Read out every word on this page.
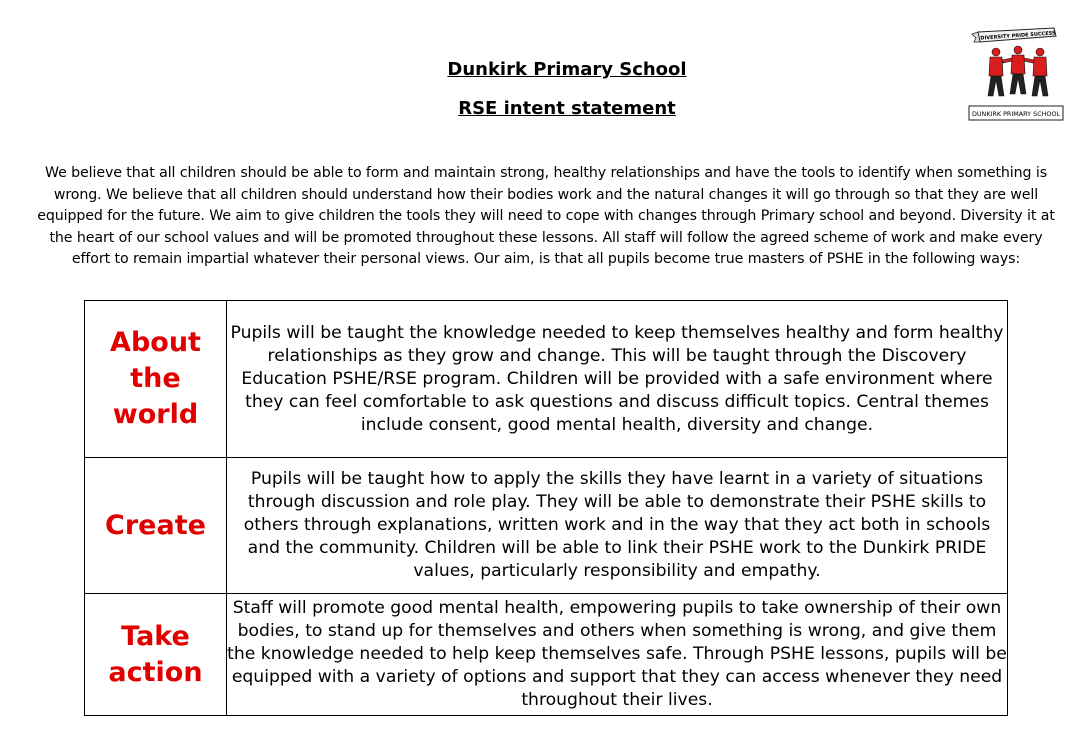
DIVERSITY PRIDE SUCCESS
DUNKIRK PRIMARY SCHOOL
Dunkirk Primary School
RSE intent statement

We believe that all children should be able to form and maintain strong, healthy relationships and have the tools to identify when something is wrong. We believe that all children should understand how their bodies work and the natural changes it will go through so that they are well equipped for the future. We aim to give children the tools they will need to cope with changes through Primary school and beyond. Diversity it at the heart of our school values and will be promoted throughout these lessons. All staff will follow the agreed scheme of work and make every effort to remain impartial whatever their personal views. Our aim, is that all pupils become true masters of PSHE in the following ways:

About the world	Pupils will be taught the knowledge needed to keep themselves healthy and form healthy relationships as they grow and change. This will be taught through the Discovery Education PSHE/RSE program. Children will be provided with a safe environment where they can feel comfortable to ask questions and discuss difficult topics. Central themes include consent, good mental health, diversity and change.
Create	Pupils will be taught how to apply the skills they have learnt in a variety of situations through discussion and role play. They will be able to demonstrate their PSHE skills to others through explanations, written work and in the way that they act both in schools and the community. Children will be able to link their PSHE work to the Dunkirk PRIDE values, particularly responsibility and empathy.
Take action	Staff will promote good mental health, empowering pupils to take ownership of their own bodies, to stand up for themselves and others when something is wrong, and give them the knowledge needed to help keep themselves safe. Through PSHE lessons, pupils will be equipped with a variety of options and support that they can access whenever they need throughout their lives.
